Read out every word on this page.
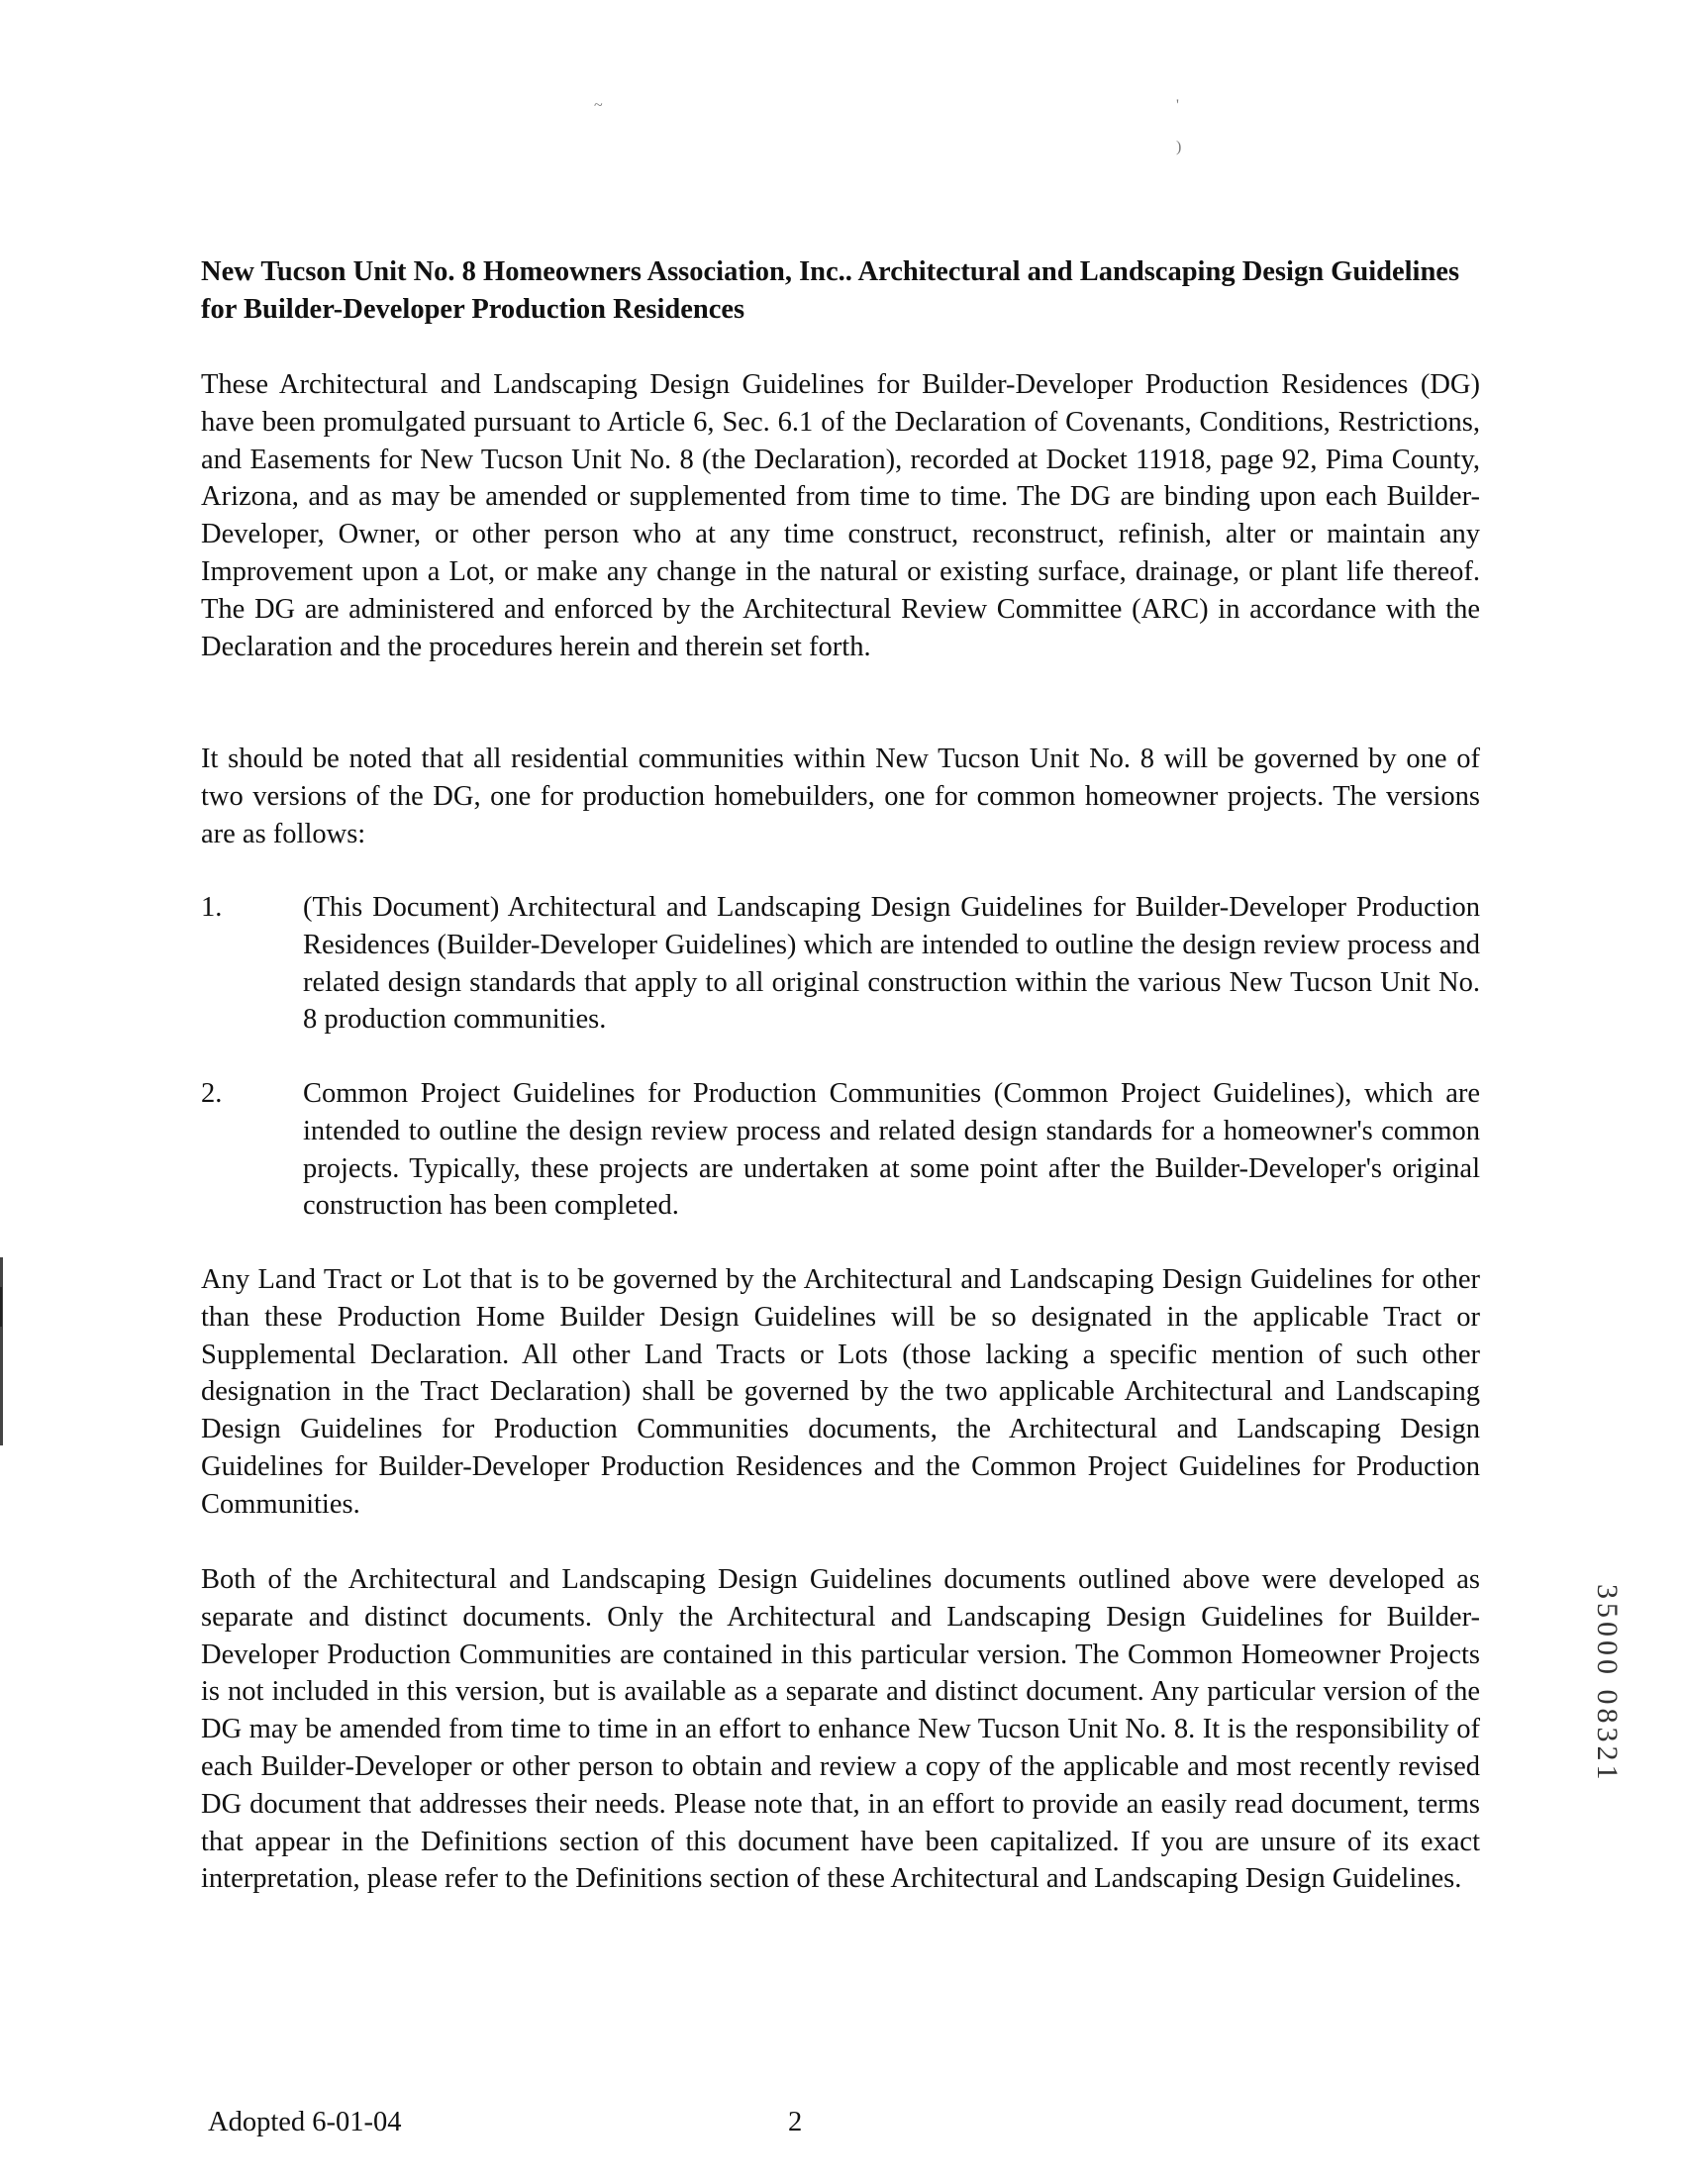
~	'
)
New Tucson Unit No. 8 Homeowners Association, Inc.. Architectural and Landscaping Design Guidelines for Builder-Developer Production Residences

These Architectural and Landscaping Design Guidelines for Builder-Developer Production Residences (DG) have been promulgated pursuant to Article 6, Sec. 6.1 of the Declaration of Covenants, Conditions, Restrictions, and Easements for New Tucson Unit No. 8 (the Declaration), recorded at Docket 11918, page 92, Pima County, Arizona, and as may be amended or supplemented from time to time. The DG are binding upon each Builder-Developer, Owner, or other person who at any time construct, reconstruct, refinish, alter or maintain any Improvement upon a Lot, or make any change in the natural or existing surface, drainage, or plant life thereof. The DG are administered and enforced by the Architectural Review Committee (ARC) in accordance with the Declaration and the procedures herein and therein set forth.

It should be noted that all residential communities within New Tucson Unit No. 8 will be governed by one of two versions of the DG, one for production homebuilders, one for common homeowner projects. The versions are as follows:

1.	(This Document) Architectural and Landscaping Design Guidelines for Builder-Developer Production Residences (Builder-Developer Guidelines) which are intended to outline the design review process and related design standards that apply to all original construction within the various New Tucson Unit No. 8 production communities.
2.	Common Project Guidelines for Production Communities (Common Project Guidelines), which are intended to outline the design review process and related design standards for a homeowner's common projects. Typically, these projects are undertaken at some point after the Builder-Developer's original construction has been completed.

Any Land Tract or Lot that is to be governed by the Architectural and Landscaping Design Guidelines for other than these Production Home Builder Design Guidelines will be so designated in the applicable Tract or Supplemental Declaration. All other Land Tracts or Lots (those lacking a specific mention of such other designation in the Tract Declaration) shall be governed by the two applicable Architectural and Landscaping Design Guidelines for Production Communities documents, the Architectural and Landscaping Design Guidelines for Builder-Developer Production Residences and the Common Project Guidelines for Production Communities.

Both of the Architectural and Landscaping Design Guidelines documents outlined above were developed as separate and distinct documents. Only the Architectural and Landscaping Design Guidelines for Builder-Developer Production Communities are contained in this particular version. The Common Homeowner Projects is not included in this version, but is available as a separate and distinct document. Any particular version of the DG may be amended from time to time in an effort to enhance New Tucson Unit No. 8. It is the responsibility of each Builder-Developer or other person to obtain and review a copy of the applicable and most recently revised DG document that addresses their needs. Please note that, in an effort to provide an easily read document, terms that appear in the Definitions section of this document have been capitalized. If you are unsure of its exact interpretation, please refer to the Definitions section of these Architectural and Landscaping Design Guidelines.

Adopted 6-01-04	2
35000 08321
